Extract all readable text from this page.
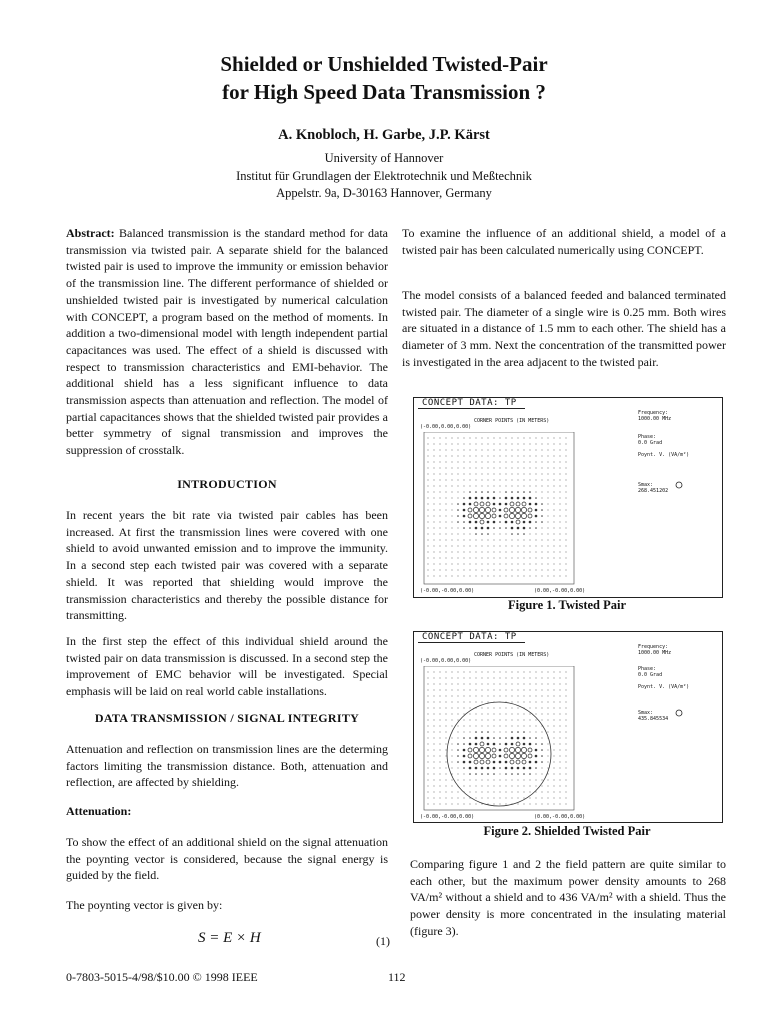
Shielded or Unshielded Twisted-Pair
for High Speed Data Transmission ?
A. Knobloch, H. Garbe, J.P. Kärst
University of Hannover
Institut für Grundlagen der Elektrotechnik und Meßtechnik
Appelstr. 9a, D-30163 Hannover, Germany

Abstract: Balanced transmission is the standard method for data transmission via twisted pair. A separate shield for the balanced twisted pair is used to improve the immunity or emission behavior of the transmission line. The different performance of shielded or unshielded twisted pair is investigated by numerical calculation with CONCEPT, a program based on the method of moments. In addition a two-dimensional model with length independent partial capacitances was used. The effect of a shield is discussed with respect to transmission characteristics and EMI-behavior. The additional shield has a less significant influence to data transmission aspects than attenuation and reflection. The model of partial capacitances shows that the shielded twisted pair provides a better symmetry of signal transmission and improves the suppression of crosstalk.

INTRODUCTION
In recent years the bit rate via twisted pair cables has been increased. At first the transmission lines were covered with one shield to avoid unwanted emission and to improve the immunity. In a second step each twisted pair was covered with a separate shield. It was reported that shielding would improve the transmission characteristics and thereby the possible distance for transmitting.
In the first step the effect of this individual shield around the twisted pair on data transmission is discussed. In a second step the improvement of EMC behavior will be investigated. Special emphasis will be laid on real world cable installations.
DATA TRANSMISSION / SIGNAL INTEGRITY
Attenuation and reflection on transmission lines are the determing factors limiting the transmission distance. Both, attenuation and reflection, are affected by shielding.
Attenuation:
To show the effect of an additional shield on the signal attenuation the poynting vector is considered, because the signal energy is guided by the field.
The poynting vector is given by:
S = E × H	(1)
To examine the influence of an additional shield, a model of a twisted pair has been calculated numerically using CONCEPT.
The model consists of a balanced feeded and balanced terminated twisted pair. The diameter of a single wire is 0.25 mm. Both wires are situated in a distance of 1.5 mm to each other. The shield has a diameter of 3 mm. Next the concentration of the transmitted power is investigated in the area adjacent to the twisted pair.
CONCEPT DATA: TP
CORNER POINTS (IN METERS)
(-0.00,0.00,0.00)
(-0.00,-0.00,0.00)	(0.00,-0.00,0.00)
Frequency:
1000.00 MHz
Phase:
0.0 Grad
Poynt. V. (VA/m²)
Smax:
268.451202
Figure 1. Twisted Pair
CONCEPT DATA: TP
CORNER POINTS (IN METERS)
(-0.00,0.00,0.00)
(-0.00,-0.00,0.00)	(0.00,-0.00,0.00)
Frequency:
1000.00 MHz
Phase:
0.0 Grad
Poynt. V. (VA/m²)
Smax:
435.845534
Figure 2. Shielded Twisted Pair
Comparing figure 1 and 2 the field pattern are quite similar to each other, but the maximum power density amounts to 268 VA/m² without a shield and to 436 VA/m² with a shield. Thus the power density is more concentrated in the insulating material (figure 3).
0-7803-5015-4/98/$10.00 © 1998 IEEE	112
